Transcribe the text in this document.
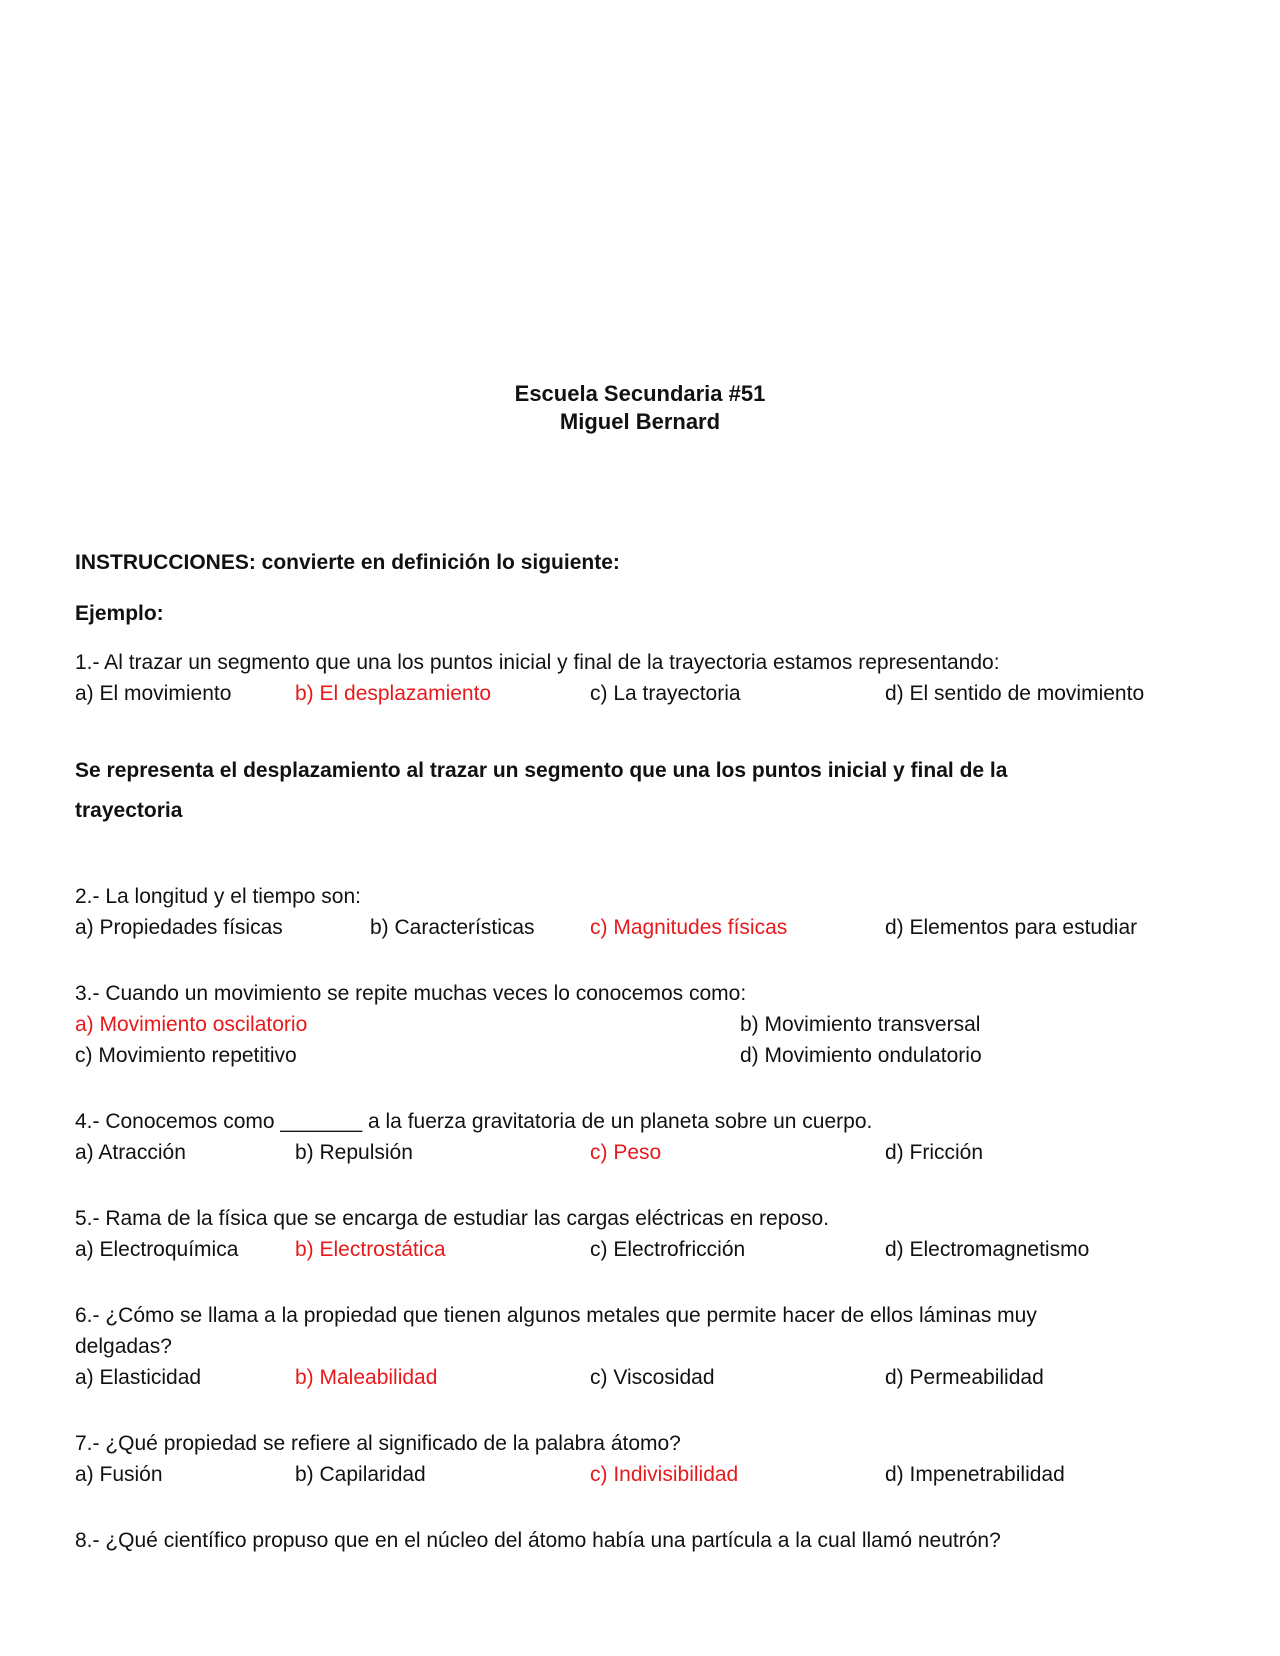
Escuela Secundaria #51
Miguel Bernard
INSTRUCCIONES: convierte en definición lo siguiente:
Ejemplo:
1.- Al trazar un segmento que una los puntos inicial y final de la trayectoria estamos representando:
a) El movimiento	b) El desplazamiento	c) La trayectoria	d) El sentido de movimiento
Se representa el desplazamiento al trazar un segmento que una los puntos inicial y final de la
trayectoria
2.- La longitud y el tiempo son:
a) Propiedades físicas	b) Características	c) Magnitudes físicas	d) Elementos para estudiar
3.- Cuando un movimiento se repite muchas veces lo conocemos como:
a) Movimiento oscilatorio	b) Movimiento transversal
c) Movimiento repetitivo	d) Movimiento ondulatorio
4.- Conocemos como _______ a la fuerza gravitatoria de un planeta sobre un cuerpo.
a) Atracción	b) Repulsión	c) Peso	d) Fricción
5.- Rama de la física que se encarga de estudiar las cargas eléctricas en reposo.
a) Electroquímica	b) Electrostática	c) Electrofricción	d) Electromagnetismo
6.- ¿Cómo se llama a la propiedad que tienen algunos metales que permite hacer de ellos láminas muy
delgadas?
a) Elasticidad	b) Maleabilidad	c) Viscosidad	d) Permeabilidad
7.- ¿Qué propiedad se refiere al significado de la palabra átomo?
a) Fusión	b) Capilaridad	c) Indivisibilidad	d) Impenetrabilidad
8.- ¿Qué científico propuso que en el núcleo del átomo había una partícula a la cual llamó neutrón?
